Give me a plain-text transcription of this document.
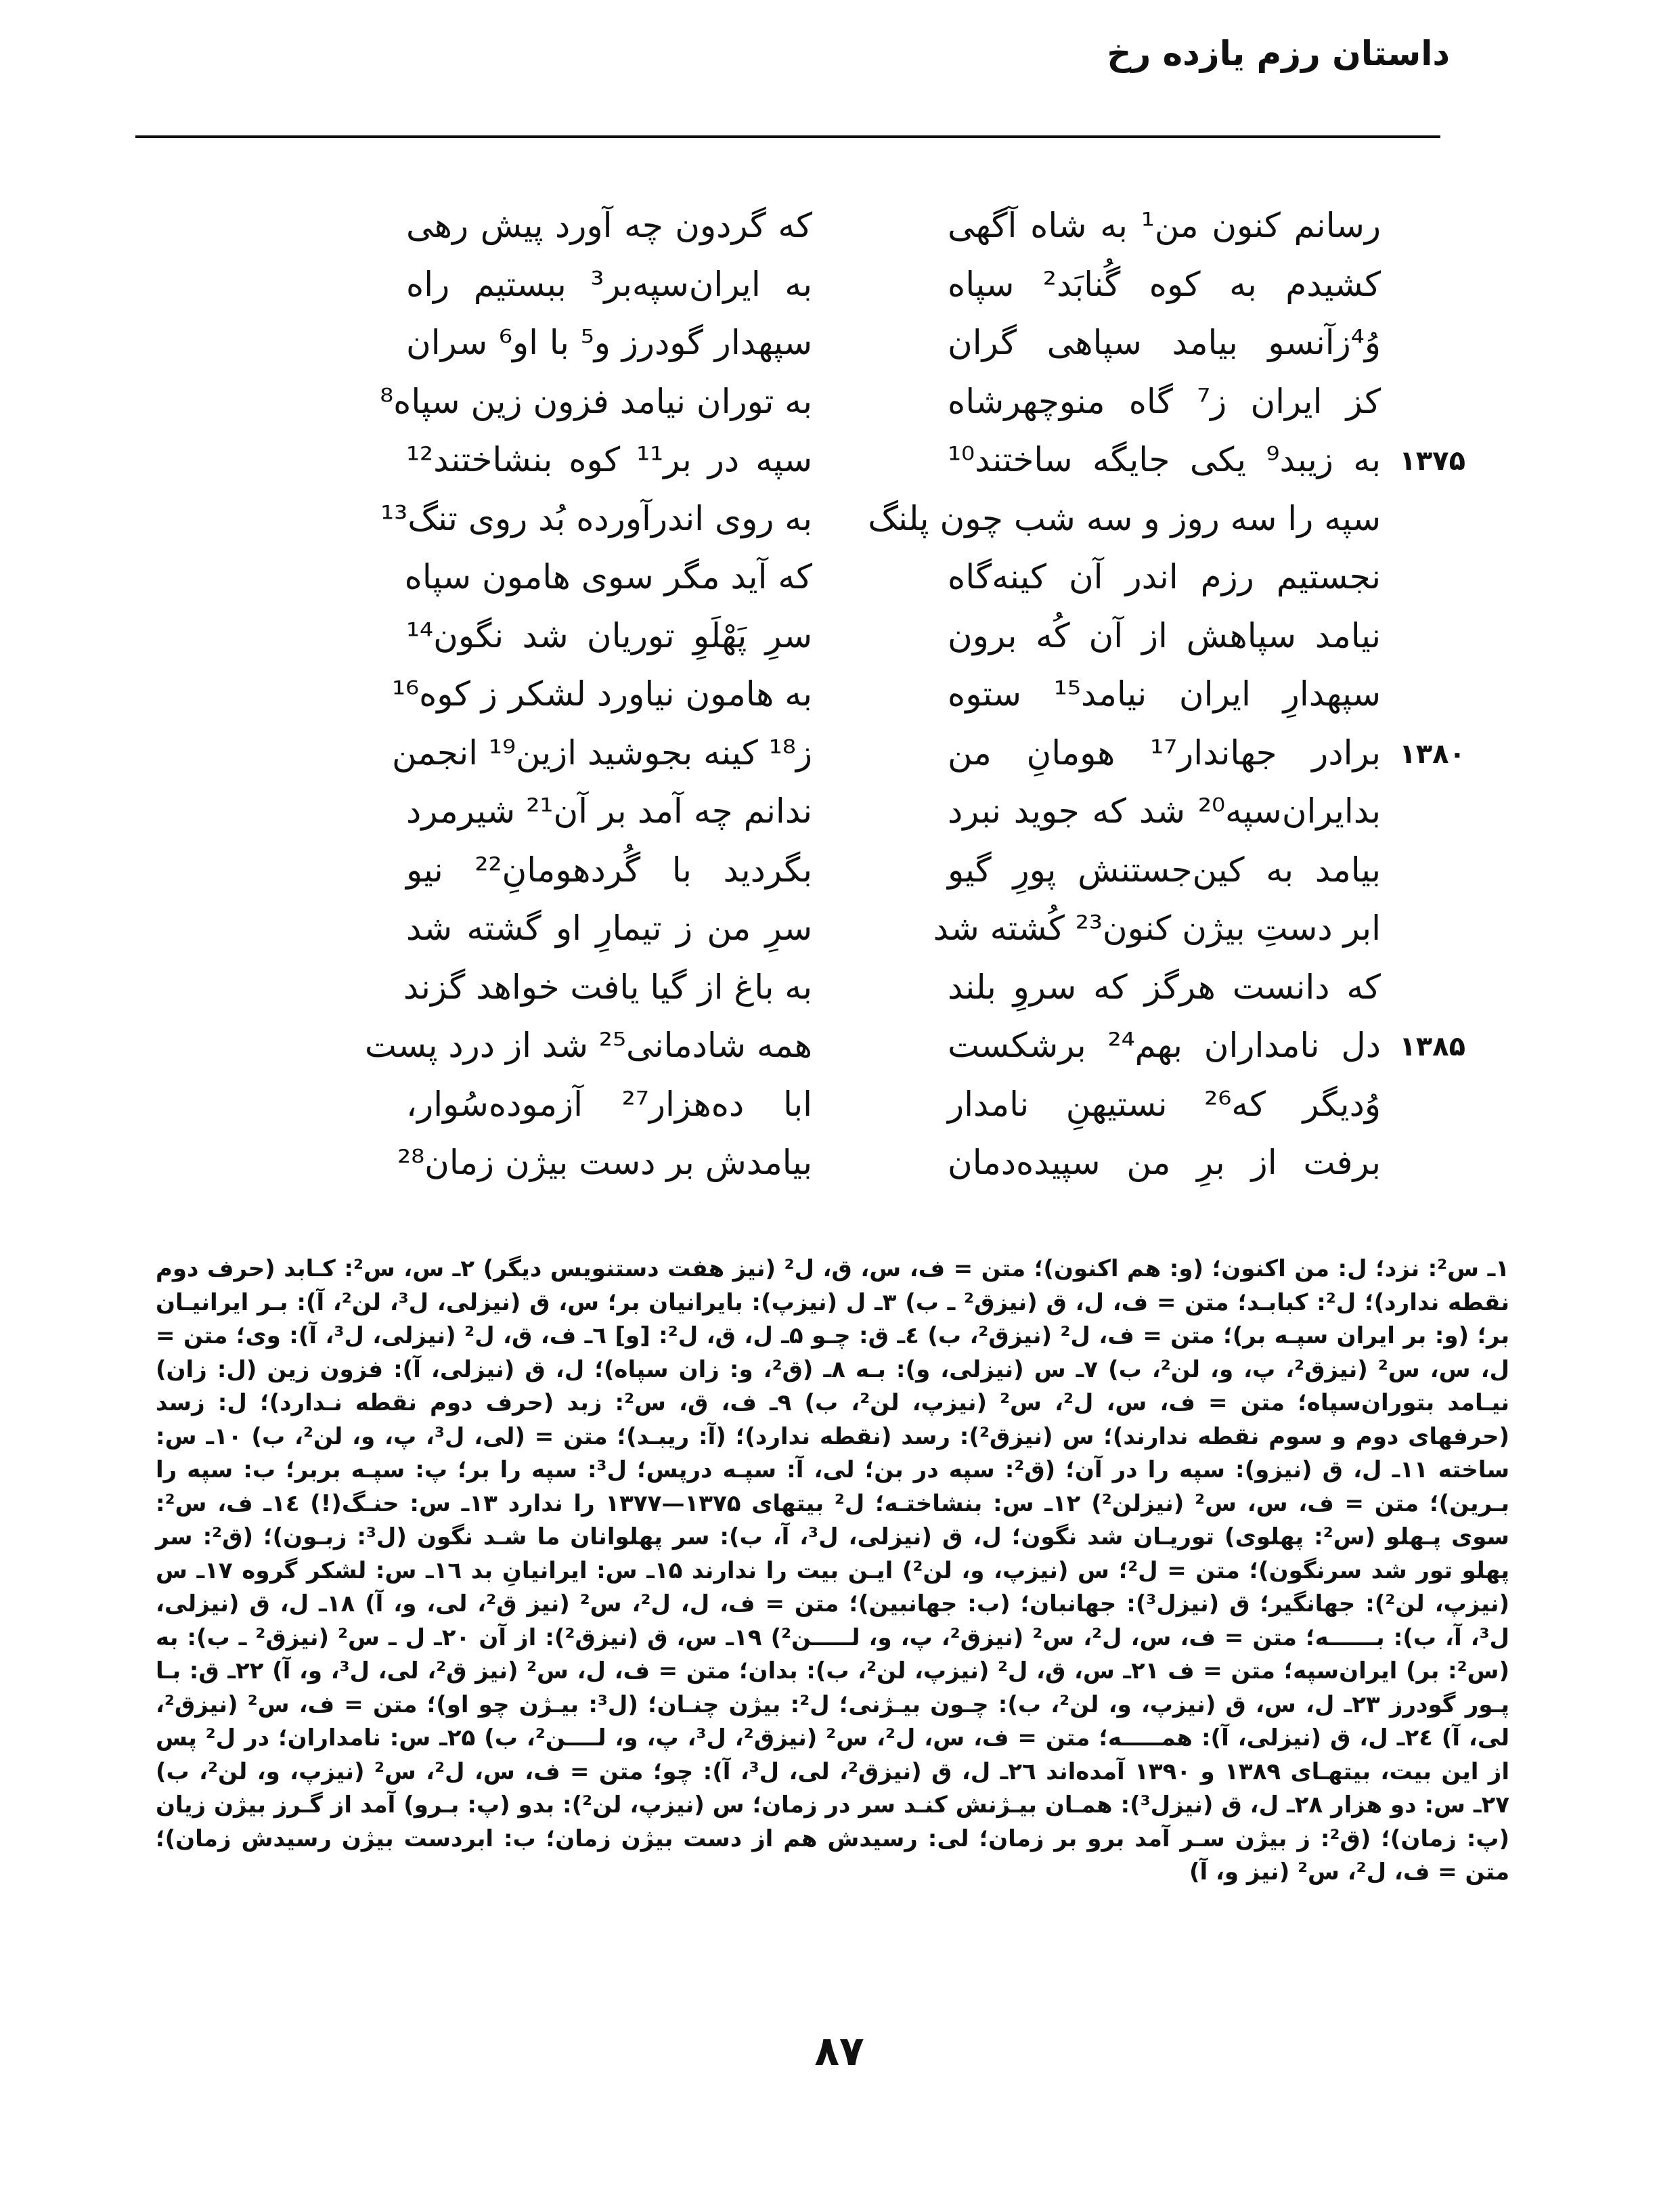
داستان رزم یازده رخ
رسانم کنون من¹ به شاه آگهی
که گردون چه آورد پیش رهی
کشیدم به کوه گُنابَد² سپاه
به ایران‌سپه‌بر³ ببستیم راه
وُ⁴زآنسو بیامد سپاهی گران
سپهدار گودرز و⁵ با او⁶ سران
کز ایران ز⁷ گاه منوچهرشاه
به توران نیامد فزون زین سپاه⁸
۱۳۷۵
به زیبد⁹ یکی جایگه ساختند¹⁰
سپه در بر¹¹ کوه بنشاختند¹²
سپه را سه روز و سه شب چون پلنگ
به روی اندرآورده بُد روی تنگ¹³
نجستیم رزم اندر آن کینه‌گاه
که آید مگر سوی هامون سپاه
نیامد سپاهش از آن کُه برون
سرِ پَهْلَوِ توریان شد نگون¹⁴
سپهدارِ ایران نیامد¹⁵ ستوه
به هامون نیاورد لشکر ز کوه¹⁶
۱۳۸۰
برادر جهاندار¹⁷ هومانِ من
ز¹⁸ کینه بجوشید ازین¹⁹ انجمن
بدایران‌سپه²⁰ شد که جوید نبرد
ندانم چه آمد بر آن²¹ شیرمرد
بیامد به کین‌جستنش پورِ گیو
بگردید با گُردهومانِ²² نیو
ابر دستِ بیژن کنون²³ کُشته شد
سرِ من ز تیمارِ او گشته شد
که دانست هرگز که سروِ بلند
به باغ از گیا یافت خواهد گزند
۱۳۸۵
دل نامداران بهم²⁴ برشکست
همه شادمانی²⁵ شد از درد پست
وُدیگر که²⁶ نستیهنِ نامدار
ابا ده‌هزار²⁷ آزموده‌سُوار،
برفت از برِ من سپیده‌دمان
بیامدش بر دست بیژن زمان²⁸

۱ـ س²: نزد؛ ل: من اکنون؛ (و: هم اکنون)؛ متن = ف، س، ق، ل² (نیز هفت دستنویس دیگر) ۲ـ س، س²: کـابد (حرف دوم نقطه ندارد)؛ ل²: کبابـد؛ متن = ف، ل، ق (نیزق² ـ ب) ۳ـ ل (نیزپ): بایرانیان بر؛ س، ق (نیزلی، ل³، لن²، آ): بـر ایرانیـان بر؛ (و: بر ایران سپـه بر)؛ متن = ف، ل² (نیزق²، ب) ٤ـ ق: چـو ۵ـ ل، ق، ل²: [و] ٦ـ ف، ق، ل² (نیزلی، ل³، آ): وی؛ متن = ل، س، س² (نیزق²، پ، و، لن²، ب) ۷ـ س (نیزلی، و): بـه ۸ـ (ق²، و: زان سپاه)؛ ل، ق (نیزلی، آ): فزون زین (ل: زان) نیـامد بتوران‌سپاه؛ متن = ف، س، ل²، س² (نیزپ، لن²، ب) ۹ـ ف، ق، س²: زبد (حرف دوم نقطه نـدارد)؛ ل: زسد (حرفهای دوم و سوم نقطه ندارند)؛ س (نیزق²): رسد (نقطه ندارد)؛ (آ: ریبـد)؛ متن = (لی، ل³، پ، و، لن²، ب) ۱۰ـ س: ساخته ۱۱ـ ل، ق (نیزو): سپه را در آن؛ (ق²: سپه در بن؛ لی، آ: سپـه درپس؛ ل³: سپه را بر؛ پ: سپـه بربر؛ ب: سپه را بـرین)؛ متن = ف، س، س² (نیزلن²) ۱۲ـ س: بنشاختـه؛ ل² بیتهای ۱۳۷۵—۱۳۷۷ را ندارد ۱۳ـ س: حنـگ(!) ١٤ـ ف، س²: سوی پـهلو (س²: پهلوی) توریـان شد نگون؛ ل، ق (نیزلی، ل³، آ، ب): سر پهلوانان ما شـد نگون (ل³: زبـون)؛ (ق²: سر پهلو تور شد سرنگون)؛ متن = ل²؛ س (نیزپ، و، لن²) ایـن بیت را ندارند ۱۵ـ س: ایرانیانِ بد ۱٦ـ س: لشکر گروه ۱۷ـ س (نیزپ، لن²): جهانگیر؛ ق (نیزل³): جهانبان؛ (ب: جهانبین)؛ متن = ف، ل، ل²، س² (نیز ق²، لی، و، آ) ۱۸ـ ل، ق (نیزلی، ل³، آ، ب): بــــــه؛ متن = ف، س، ل²، س² (نیزق²، پ، و، لـــــن²) ۱۹ـ س، ق (نیزق²): از آن ۲۰ـ ل ـ س² (نیزق² ـ ب): به (س²: بر) ایران‌سپه؛ متن = ف ۲۱ـ س، ق، ل² (نیزپ، لن²، ب): بدان؛ متن = ف، ل، س² (نیز ق²، لی، ل³، و، آ) ۲۲ـ ق: بـا پـور گودرز ۲۳ـ ل، س، ق (نیزپ، و، لن²، ب): چـون بیـژنی؛ ل²: بیژن چنـان؛ (ل³: بیـژن چو او)؛ متن = ف، س² (نیزق²، لی، آ) ٢٤ـ ل، ق (نیزلی، آ): همـــــه؛ متن = ف، س، ل²، س² (نیزق²، ل³، پ، و، لــــن²، ب) ۲۵ـ س: نامداران؛ در ل² پس از این بیت، بیتهـای ۱۳۸۹ و ۱۳۹۰ آمده‌اند ۲٦ـ ل، ق (نیزق²، لی، ل³، آ): چو؛ متن = ف، س، ل²، س² (نیزپ، و، لن²، ب) ۲۷ـ س: دو هزار ۲۸ـ ل، ق (نیزل³): همـان بیـژنش کنـد سر در زمان؛ س (نیزپ، لن²): بدو (پ: بـرو) آمد از گـرز بیژن زیان (پ: زمان)؛ (ق²: ز بیژن سـر آمد برو بر زمان؛ لی: رسیدش هم از دست بیژن زمان؛ ب: ابردست بیژن رسیدش زمان)؛ متن = ف، ل²، س² (نیز و، آ)

۸۷
